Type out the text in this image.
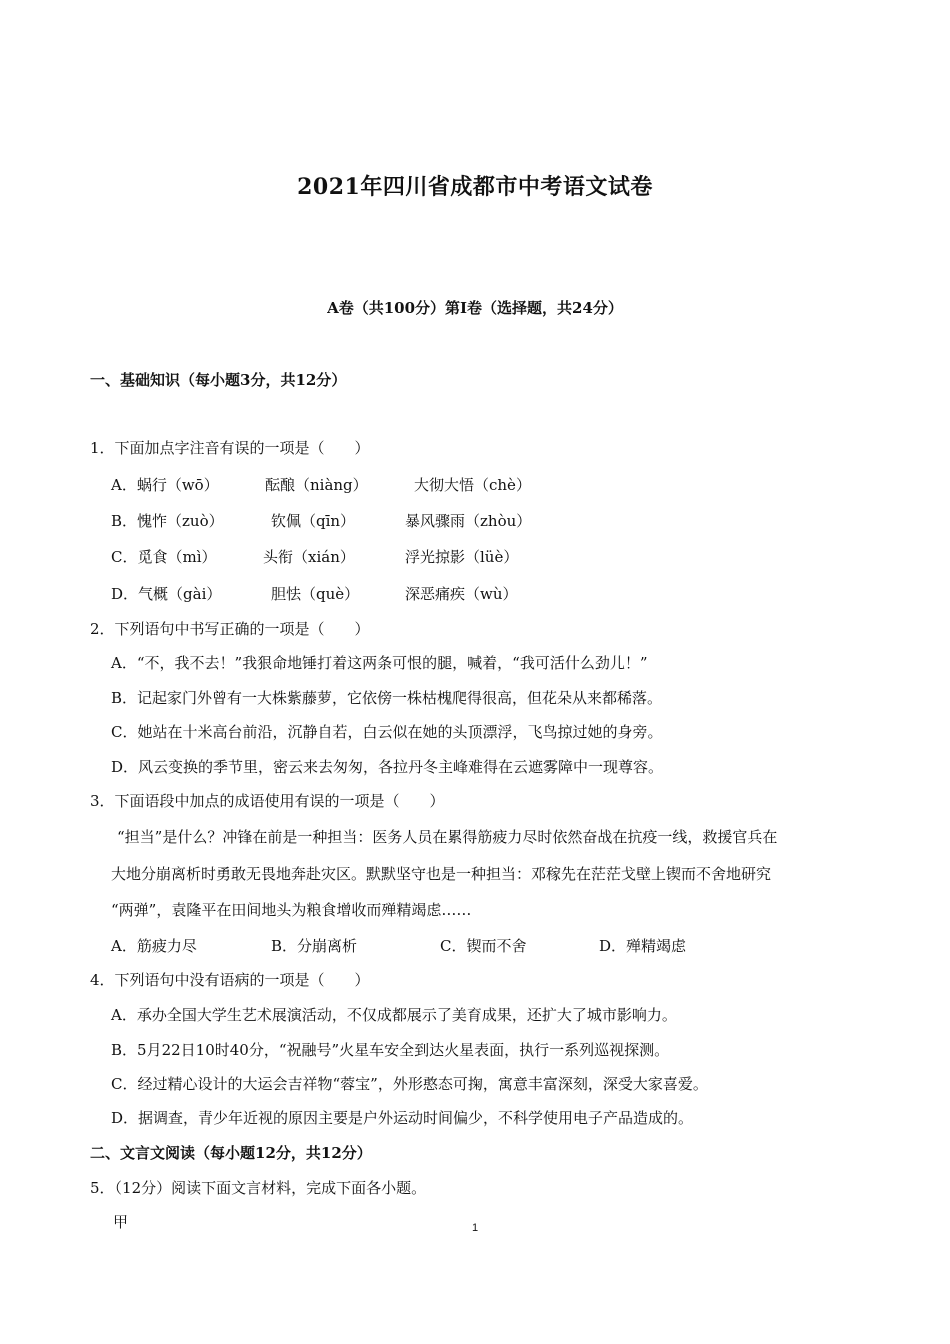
2021年四川省成都市中考语文试卷
A卷（共100分）第Ⅰ卷（选择题，共24分）
一、基础知识（每小题3分，共12分）
1．下面加点字注音有误的一项是（　　）
A．蜗行（wō）	酝酿（niàng）	大彻大悟（chè）
B．愧怍（zuò）	钦佩（qīn）	暴风骤雨（zhòu）
C．觅食（mì）	头衔（xián）	浮光掠影（lüè）
D．气概（gài）	胆怯（què）	深恶痛疾（wù）
2．下列语句中书写正确的一项是（　　）
A．“不，我不去！”我狠命地锤打着这两条可恨的腿，喊着，“我可活什么劲儿！”
B．记起家门外曾有一大株紫藤萝，它依傍一株枯槐爬得很高，但花朵从来都稀落。
C．她站在十米高台前沿，沉静自若，白云似在她的头顶漂浮，飞鸟掠过她的身旁。
D．风云变换的季节里，密云来去匆匆，各拉丹冬主峰难得在云遮雾障中一现尊容。
3．下面语段中加点的成语使用有误的一项是（　　）
“担当”是什么？冲锋在前是一种担当：医务人员在累得筋疲力尽时依然奋战在抗疫一线，救援官兵在
大地分崩离析时勇敢无畏地奔赴灾区。默默坚守也是一种担当：邓稼先在茫茫戈壁上锲而不舍地研究
“两弹”，袁隆平在田间地头为粮食增收而殚精竭虑……
A．筋疲力尽	B．分崩离析	C．锲而不舍	D．殚精竭虑
4．下列语句中没有语病的一项是（　　）
A．承办全国大学生艺术展演活动，不仅成都展示了美育成果，还扩大了城市影响力。
B．5月22日10时40分，“祝融号”火星车安全到达火星表面，执行一系列巡视探测。
C．经过精心设计的大运会吉祥物“蓉宝”，外形憨态可掬，寓意丰富深刻，深受大家喜爱。
D．据调查，青少年近视的原因主要是户外运动时间偏少，不科学使用电子产品造成的。
二、文言文阅读（每小题12分，共12分）
5．（12分）阅读下面文言材料，完成下面各小题。
甲	1
